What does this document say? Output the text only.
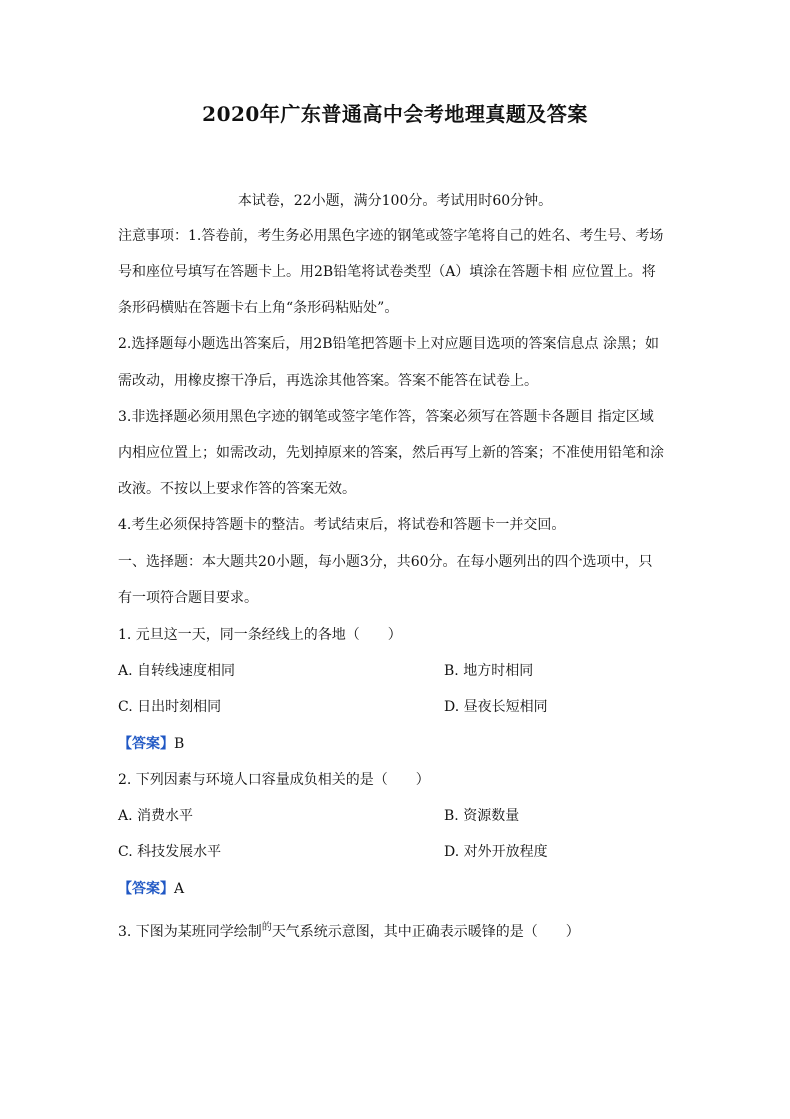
2020年广东普通高中会考地理真题及答案
本试卷，22小题，满分100分。考试用时60分钟。
注意事项：1.答卷前，考生务必用黑色字迹的钢笔或签字笔将自己的姓名、考生号、考场
号和座位号填写在答题卡上。用2B铅笔将试卷类型（A）填涂在答题卡相 应位置上。将
条形码横贴在答题卡右上角“条形码粘贴处”。
2.选择题每小题选出答案后，用2B铅笔把答题卡上对应题目选项的答案信息点 涂黑；如
需改动，用橡皮擦干净后，再选涂其他答案。答案不能答在试卷上。
3.非选择题必须用黑色字迹的钢笔或签字笔作答，答案必须写在答题卡各题目 指定区域
内相应位置上；如需改动，先划掉原来的答案，然后再写上新的答案；不准使用铅笔和涂
改液。不按以上要求作答的答案无效。
4.考生必须保持答题卡的整洁。考试结束后，将试卷和答题卡一并交回。
一、选择题：本大题共20小题，每小题3分，共60分。在每小题列出的四个选项中，只
有一项符合题目要求。
1. 元旦这一天，同一条经线上的各地（　　）
A. 自转线速度相同	B. 地方时相同
C. 日出时刻相同	D. 昼夜长短相同
【答案】B
2. 下列因素与环境人口容量成负相关的是（　　）
A. 消费水平	B. 资源数量
C. 科技发展水平	D. 对外开放程度
【答案】A
3. 下图为某班同学绘制$^的$天气系统示意图，其中正确表示暖锋的是（　　）
